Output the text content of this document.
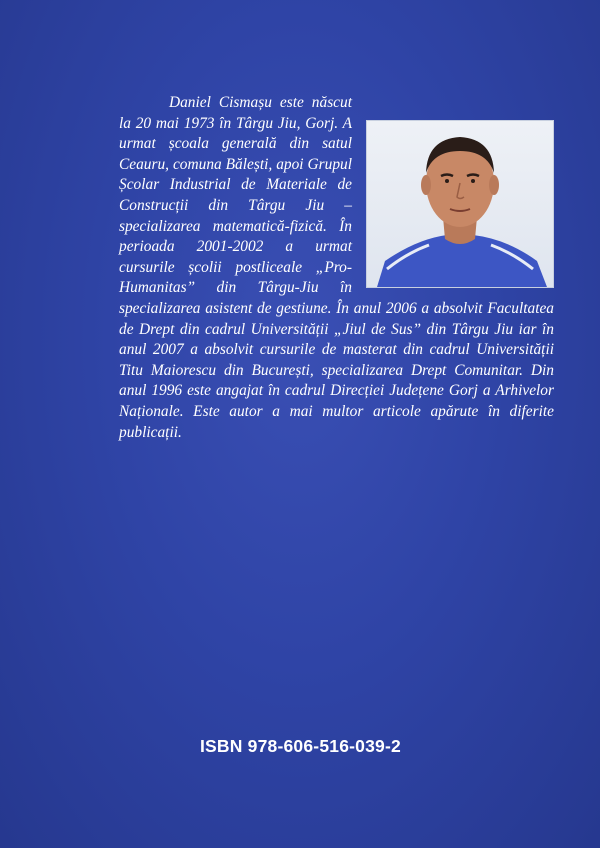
Daniel Cismașu este născut la 20 mai 1973 în Târgu Jiu, Gorj. A urmat școala generală din satul Ceauru, comuna Bălești, apoi Grupul Școlar Industrial de Materiale de Construcții din Târgu Jiu – specializarea matematică-fizică. În perioada 2001-2002 a urmat cursurile școlii postliceale „Pro-Humanitas” din Târgu-Jiu în specializarea asistent de gestiune. În anul 2006 a absolvit Facultatea de Drept din cadrul Universității „Jiul de Sus” din Târgu Jiu iar în anul 2007 a absolvit cursurile de masterat din cadrul Universității Titu Maiorescu din București, specializarea Drept Comunitar. Din anul 1996 este angajat în cadrul Direcției Județene Gorj a Arhivelor Naționale. Este autor a mai multor articole apărute în diferite publicații.

ISBN 978-606-516-039-2
